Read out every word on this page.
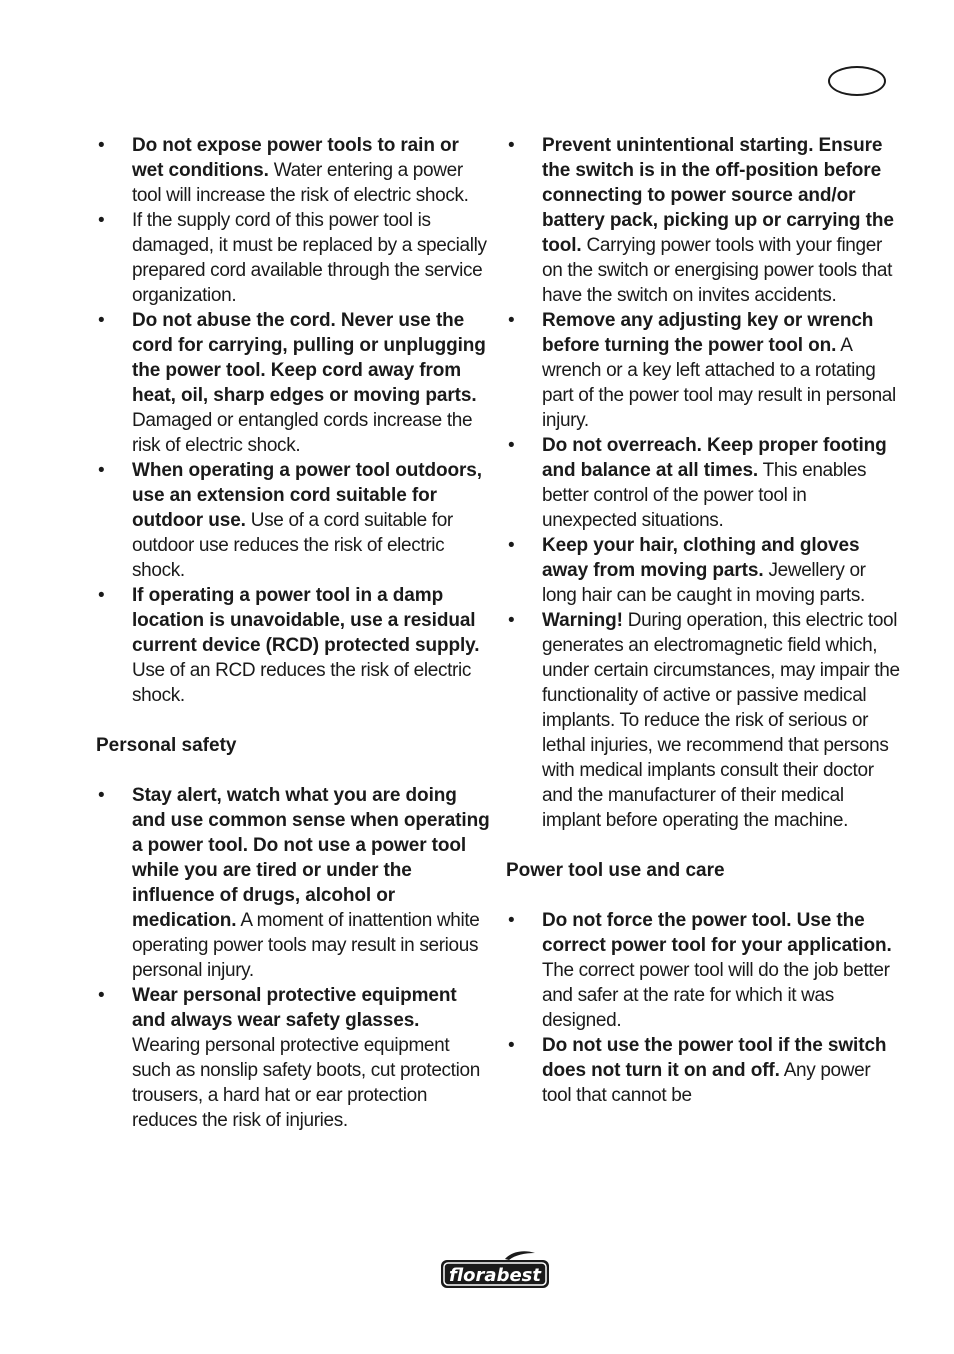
• Do not expose power tools to rain or wet conditions. Water entering a power tool will increase the risk of electric shock.
• If the supply cord of this power tool is damaged, it must be replaced by a specially prepared cord available through the service organization.
• Do not abuse the cord. Never use the cord for carrying, pulling or unplugging the power tool. Keep cord away from heat, oil, sharp edges or moving parts. Damaged or entangled cords increase the risk of electric shock.
• When operating a power tool outdoors, use an extension cord suitable for outdoor use. Use of a cord suitable for outdoor use reduces the risk of electric shock.
• If operating a power tool in a damp location is unavoidable, use a residual current device (RCD) protected supply. Use of an RCD reduces the risk of electric shock.
Personal safety
• Stay alert, watch what you are doing and use common sense when operating a power tool. Do not use a power tool while you are tired or under the influence of drugs, alcohol or medication. A moment of inattention white operating power tools may result in serious personal injury.
• Wear personal protective equipment and always wear safety glasses. Wearing personal protective equipment such as nonslip safety boots, cut protection trousers, a hard hat or ear protection reduces the risk of injuries.
• Prevent unintentional starting. Ensure the switch is in the off-position before connecting to power source and/or battery pack, picking up or carrying the tool. Carrying power tools with your finger on the switch or energising power tools that have the switch on invites accidents.
• Remove any adjusting key or wrench before turning the power tool on. A wrench or a key left attached to a rotating part of the power tool may result in personal injury.
• Do not overreach. Keep proper footing and balance at all times. This enables better control of the power tool in unexpected situations.
• Keep your hair, clothing and gloves away from moving parts. Jewellery or long hair can be caught in moving parts.
• Warning! During operation, this electric tool generates an electromagnetic field which, under certain circumstances, may impair the functionality of active or passive medical implants. To reduce the risk of serious or lethal injuries, we recommend that persons with medical implants consult their doctor and the manufacturer of their medical implant before operating the machine.
Power tool use and care
• Do not force the power tool. Use the correct power tool for your application. The correct power tool will do the job better and safer at the rate for which it was designed.
• Do not use the power tool if the switch does not turn it on and off. Any power tool that cannot be
florabest
